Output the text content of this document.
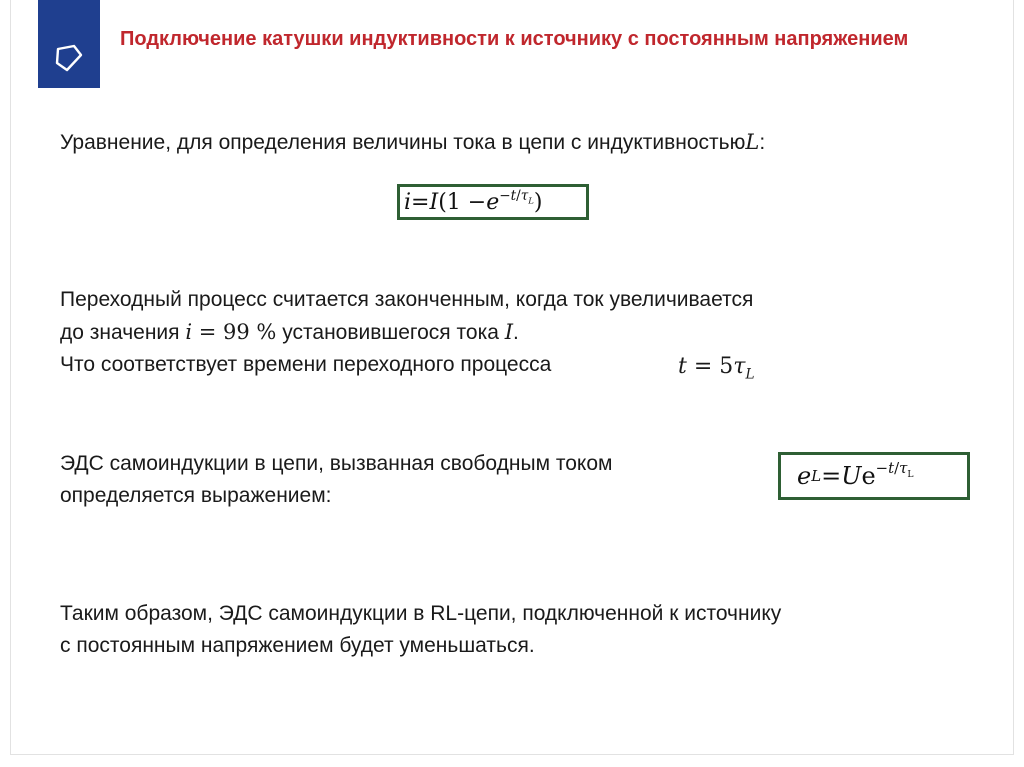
Подключение катушки индуктивности к источнику с постоянным напряжением
Уравнение, для определения величины тока в цепи с индуктивностьюL:
i = I (1 − e $^{-t/\tau_L}$ )
Переходный процесс считается законченным, когда ток увеличивается
до значения i = 99 % установившегося тока I.
Что соответствует времени переходного процесса	$t = 5\tau_L$
ЭДС самоиндукции в цепи, вызванная свободным током
определяется выражением:
e L = U e $^{-t/\tau_L}$
Таким образом, ЭДС самоиндукции в RL-цепи, подключенной к источнику
с постоянным напряжением будет уменьшаться.
